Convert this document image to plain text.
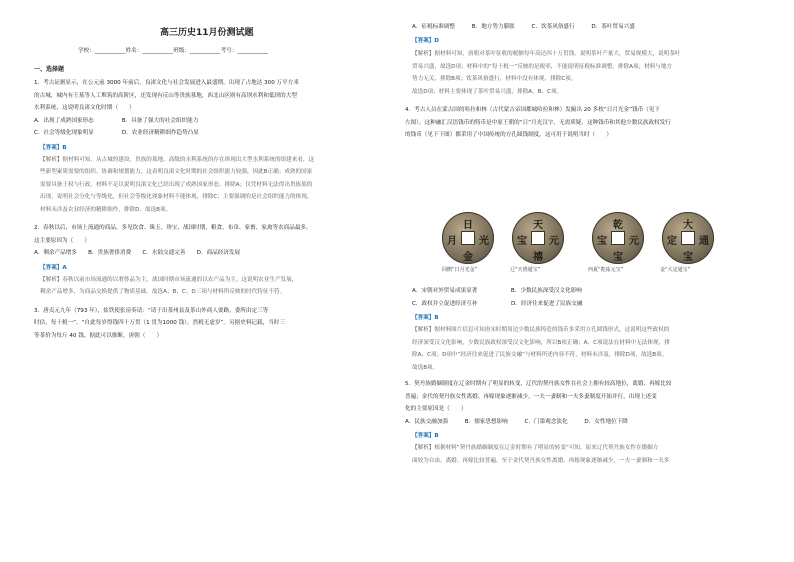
高三历史11月份测试题
学校：___________姓名：___________班级：___________考号：___________
一、选择题
1．考古证据显示，在公元前 3000 年前后，良渚文化与社会发展进入最盛期，出现了占地达 300 万平方米
的古城，城内有王墓等人工堆筑的高阶区，还发现有反山等贵族墓地，西北山区则有高坝水利和低坝的大型
水利系统，这说明良渚文化时期（　　）
A．出现了成熟国家形态　　　　　B．具备了强大的社会组织能力
C．社会等级化现象明显　　　　　D．农业经济精耕细作趋势凸显
【答案】B
【解析】据材料可知，从古城的建设、贵族的墓地、高级的水利系统的存在体现出大型水利系统的组建来看，这
些新型素质需要的组织、协调和规划能力，这表明良渚文化时期的社会组织能力较强，因此B正确；成熟的国家
需要具备王权与行政，材料不足以说明良渚文化已经出现了成熟国家形态，排除A；仅凭材料无法得出贵族墓的
出现，说明社会分化与等级化，但社会等级化现象材料不能体现，排除C；主要强调的是社会组织能力的体现，
材料未涉及农业经济的精耕细作，排除D。故选B项。
2．春秋以后，市场上流通的商品，多见饮食、珠玉、珍宝，战国时期，粮食、布帛、家畜、家禽等农商品最多。
这主要原因为（　　）
A．剩余产品增多　　B．贵族奢侈消费　　C．水陆交通完善　　D．商品经济发展
【答案】A
【解析】春秋以前市场流通的以奢侈品为主，战国时期市场流通的以农产品为主。这说明农业生产发展，
剩余产品增多，为商品交换提供了物质基础。故选A；B、C、D三项与材料所反映的时代特征不符。
3．唐贞元九年（793 年），盐铁使张滂奏请：“请于出茶州县及茶山外商人要路，委所由定三等
时估，每十税一”。“自此每岁得钱四十万贯（1 贯为1000 钱），然税无虚岁”。另据史料记载，当时三
等茶价为每斤 40 钱，据此可以推断，唐朝（　　）
A．征税标准调整　　　B．地方势力膨胀　　　C．饮茶风俗盛行　　　D．茶叶贸易兴盛
【答案】D
【解析】据材料可知，唐朝对茶叶征收的税额每年高达四十万贯钱，说明茶叶产量大，贸易规模大，说明茶叶
贸易兴盛，故选D项；材料中的“每十税一”反映的是税率，不能说明征税标准调整，排除A项；材料与地方
势力无关，排除B项；饮茶风俗盛行，材料中没有体现，排除C项。
故选D项；材料主要体现了茶叶贸易兴盛，排除A、B、C项。
4．考古人员在蒙古国的哈拉和林（古代蒙古帝国都城哈拉和林）发掘出 20 多枚“日月光金”钱币（见下
左图），这种融汇汉语钱币的铸币是中原王朝的“日”月光汉字，无需质疑，这种钱币和其他少数民族政权发行
的钱币（见下下图）都采用了中国传统的方孔圆钱制度，这可用于说明当时（　　）
A．宋朝对外贸易成果显著　　　　　　B．少数民族深受汉文化影响
C．政权并立促进经济互补　　　　　　D．经济往来促进了民族交融
【答案】B
【解析】据材料图片信息可知唐宋时期周边少数民族铸造的钱币多采用方孔圆钱形式，这说明这些政权的
经济深受汉文化影响，少数民族政权深受汉文化影响，所以B项正确；A、C项说法在材料中无法体现，排
除A、C项；D项中“经济往来促进了民族交融”与材料所述内容不符，材料未涉及，排除D项，故选B项。
故选B项。
5．契丹族婚姻制度在辽金时期有了明显的转变，辽代的契丹族女性在社会上拥有较高地位，离婚、再嫁比较
普遍；金代的契丹族女性离婚、再嫁现象逐渐减少，一夫一妻制和一夫多妻制度开始并行，出现上述变
化的主要原因是（　　）
A．民族交融加强　　　B．儒家思想影响　　　C．门第观念淡化　　　D．女性地位下降
【答案】B
【解析】根据材料“契丹族婚姻制度在辽金时期有了明显的转变”可知，原来辽代契丹族女性在婚姻方
面较为自由，离婚、再嫁比较普遍。至于金代契丹族女性离婚、再嫁现象逐渐减少，一夫一妻制和一夫多
日
光
月
金
天
元
宝
禧
乾
元
宝
宝
大
通
定
宝
回鹘“日月光金”	辽“天禧通宝”	西夏“乾祐元宝”	金“大定通宝”
